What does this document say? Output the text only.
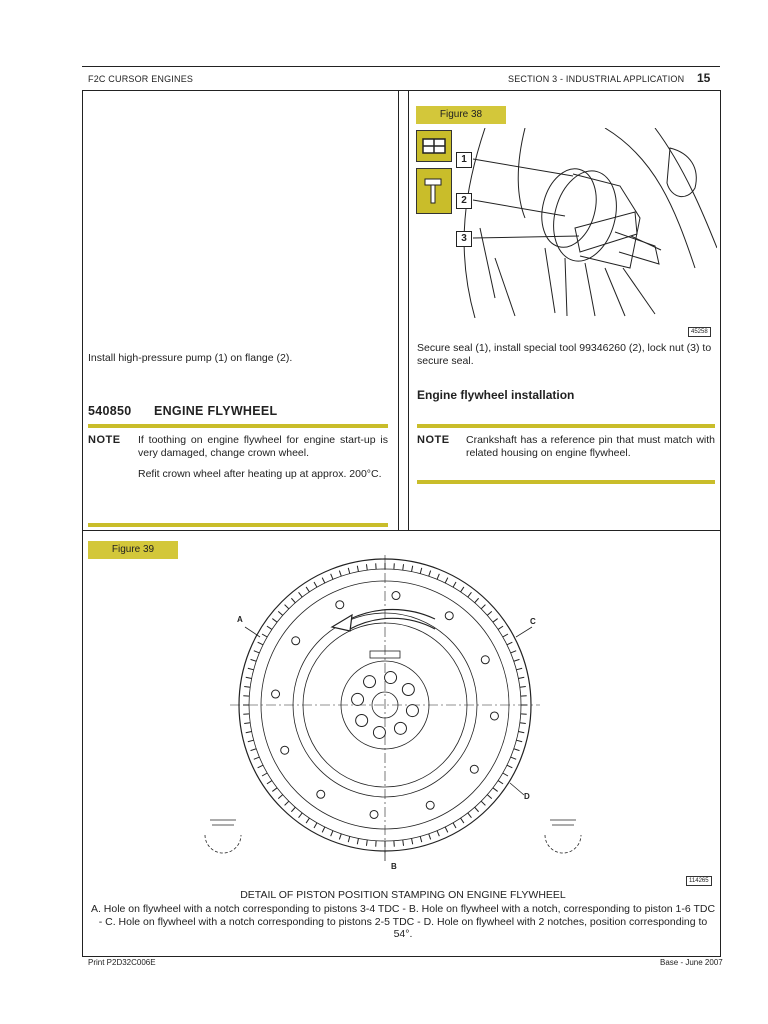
F2C CURSOR ENGINES	SECTION 3 - INDUSTRIAL APPLICATION 15
Install high-pressure pump (1) on flange (2).
540850 ENGINE FLYWHEEL
NOTE If toothing on engine flywheel for engine start-up is very damaged, change crown wheel.
Refit crown wheel after heating up at approx. 200°C.
Figure 38
1
2
3
45258
Secure seal (1), install special tool 99346260 (2), lock nut (3) to secure seal.
Engine flywheel installation
NOTE Crankshaft has a reference pin that must match with related housing on engine flywheel.
Figure 39
A
B
C
D
114265
DETAIL OF PISTON POSITION STAMPING ON ENGINE FLYWHEEL
A. Hole on flywheel with a notch corresponding to pistons 3-4 TDC - B. Hole on flywheel with a notch, corresponding to piston 1-6 TDC - C. Hole on flywheel with a notch corresponding to pistons 2-5 TDC - D. Hole on flywheel with 2 notches, position corresponding to 54°.
Print P2D32C006E	Base - June 2007
